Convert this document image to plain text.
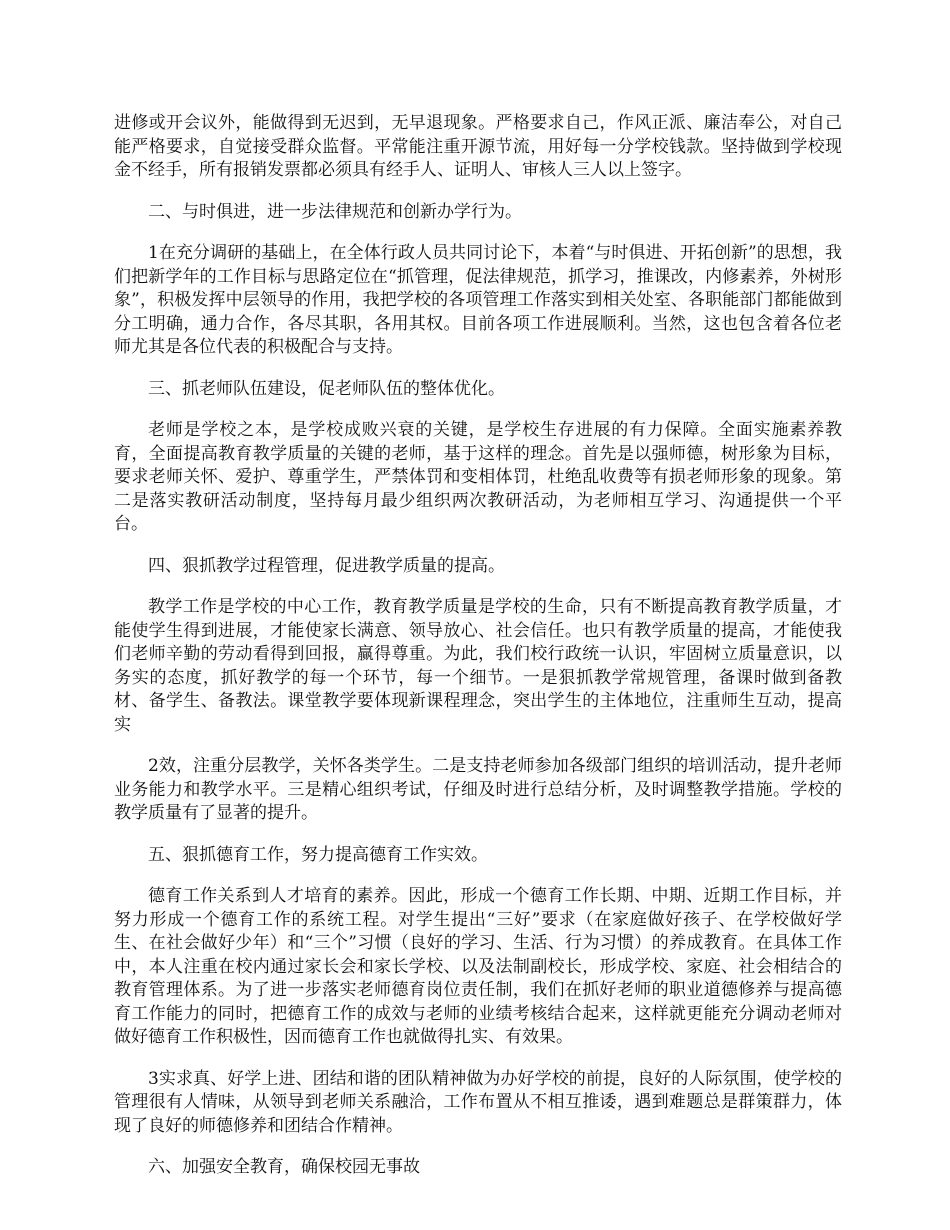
进修或开会议外，能做得到无迟到，无早退现象。严格要求自己，作风正派、廉洁奉公，对自己能严格要求，自觉接受群众监督。平常能注重开源节流，用好每一分学校钱款。坚持做到学校现金不经手，所有报销发票都必须具有经手人、证明人、审核人三人以上签字。

二、与时俱进，进一步法律规范和创新办学行为。

1在充分调研的基础上，在全体行政人员共同讨论下，本着“与时俱进、开拓创新”的思想，我们把新学年的工作目标与思路定位在“抓管理，促法律规范，抓学习，推课改，内修素养，外树形象”，积极发挥中层领导的作用，我把学校的各项管理工作落实到相关处室、各职能部门都能做到分工明确，通力合作，各尽其职，各用其权。目前各项工作进展顺利。当然，这也包含着各位老师尤其是各位代表的积极配合与支持。

三、抓老师队伍建设，促老师队伍的整体优化。

老师是学校之本，是学校成败兴衰的关键，是学校生存进展的有力保障。全面实施素养教育，全面提高教育教学质量的关键的老师，基于这样的理念。首先是以强师德，树形象为目标，要求老师关怀、爱护、尊重学生，严禁体罚和变相体罚，杜绝乱收费等有损老师形象的现象。第二是落实教研活动制度，坚持每月最少组织两次教研活动，为老师相互学习、沟通提供一个平台。

四、狠抓教学过程管理，促进教学质量的提高。

教学工作是学校的中心工作，教育教学质量是学校的生命，只有不断提高教育教学质量，才能使学生得到进展，才能使家长满意、领导放心、社会信任。也只有教学质量的提高，才能使我们老师辛勤的劳动看得到回报，赢得尊重。为此，我们校行政统一认识，牢固树立质量意识，以务实的态度，抓好教学的每一个环节，每一个细节。一是狠抓教学常规管理，备课时做到备教材、备学生、备教法。课堂教学要体现新课程理念，突出学生的主体地位，注重师生互动，提高实

2效，注重分层教学，关怀各类学生。二是支持老师参加各级部门组织的培训活动，提升老师业务能力和教学水平。三是精心组织考试，仔细及时进行总结分析，及时调整教学措施。学校的教学质量有了显著的提升。

五、狠抓德育工作，努力提高德育工作实效。

德育工作关系到人才培育的素养。因此，形成一个德育工作长期、中期、近期工作目标，并努力形成一个德育工作的系统工程。对学生提出“三好”要求（在家庭做好孩子、在学校做好学生、在社会做好少年）和“三个”习惯（良好的学习、生活、行为习惯）的养成教育。在具体工作中，本人注重在校内通过家长会和家长学校、以及法制副校长，形成学校、家庭、社会相结合的教育管理体系。为了进一步落实老师德育岗位责任制，我们在抓好老师的职业道德修养与提高德育工作能力的同时，把德育工作的成效与老师的业绩考核结合起来，这样就更能充分调动老师对做好德育工作积极性，因而德育工作也就做得扎实、有效果。

3实求真、好学上进、团结和谐的团队精神做为办好学校的前提，良好的人际氛围，使学校的管理很有人情味，从领导到老师关系融洽，工作布置从不相互推诿，遇到难题总是群策群力，体现了良好的师德修养和团结合作精神。

六、加强安全教育，确保校园无事故
